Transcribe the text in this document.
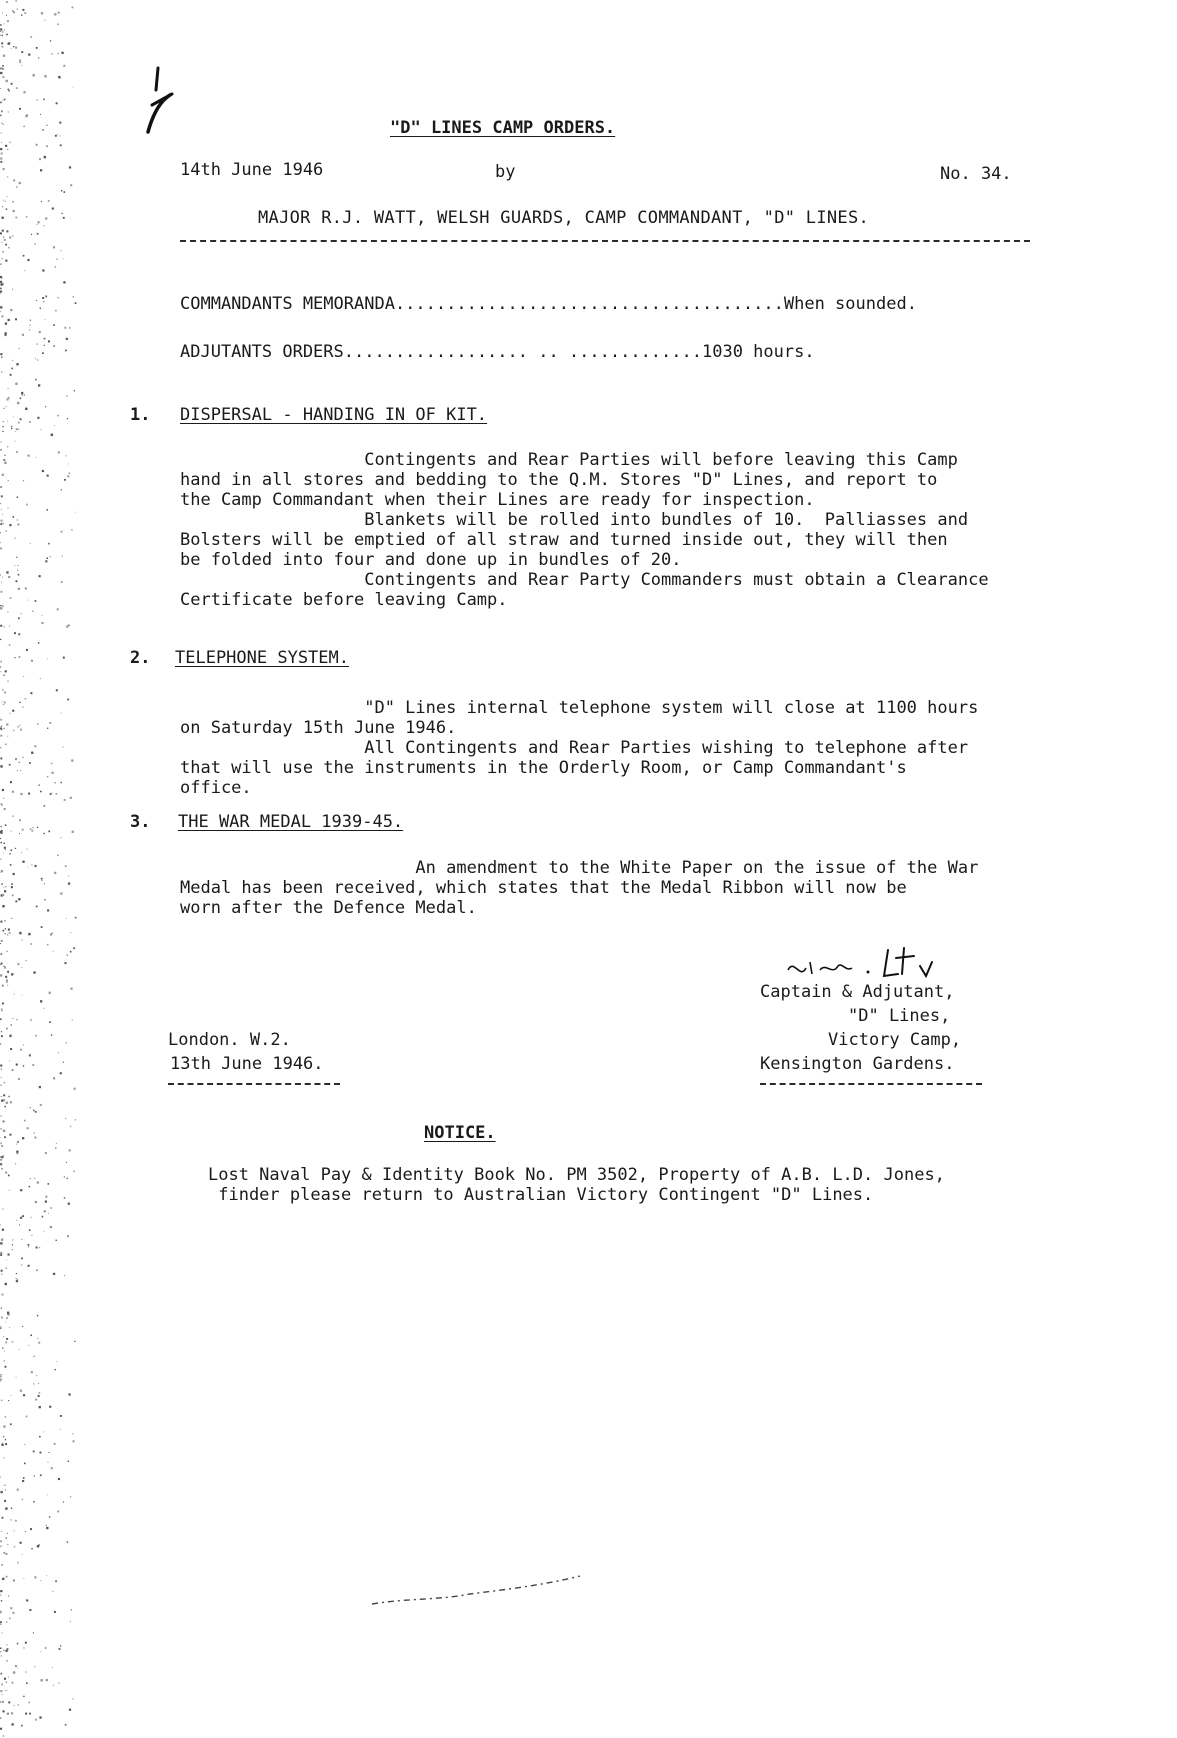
"D" LINES CAMP ORDERS.
14th June 1946	by	No. 34.
MAJOR R.J. WATT, WELSH GUARDS, CAMP COMMANDANT, "D" LINES.
COMMANDANTS MEMORANDA......................................When sounded.
ADJUTANTS ORDERS.................. .. .............1030 hours.
1. DISPERSAL - HANDING IN OF KIT.
Contingents and Rear Parties will before leaving this Camp
hand in all stores and bedding to the Q.M. Stores "D" Lines, and report to
the Camp Commandant when their Lines are ready for inspection.
Blankets will be rolled into bundles of 10.  Palliasses and
Bolsters will be emptied of all straw and turned inside out, they will then
be folded into four and done up in bundles of 20.
Contingents and Rear Party Commanders must obtain a Clearance
Certificate before leaving Camp.
2. TELEPHONE SYSTEM.
"D" Lines internal telephone system will close at 1100 hours
on Saturday 15th June 1946.
All Contingents and Rear Parties wishing to telephone after
that will use the instruments in the Orderly Room, or Camp Commandant's
office.
3. THE WAR MEDAL 1939-45.
An amendment to the White Paper on the issue of the War
Medal has been received, which states that the Medal Ribbon will now be
worn after the Defence Medal.
Captain & Adjutant,
"D" Lines,
Victory Camp,
Kensington Gardens.
London. W.2.
13th June 1946.
NOTICE.
Lost Naval Pay & Identity Book No. PM 3502, Property of A.B. L.D. Jones,
finder please return to Australian Victory Contingent "D" Lines.
